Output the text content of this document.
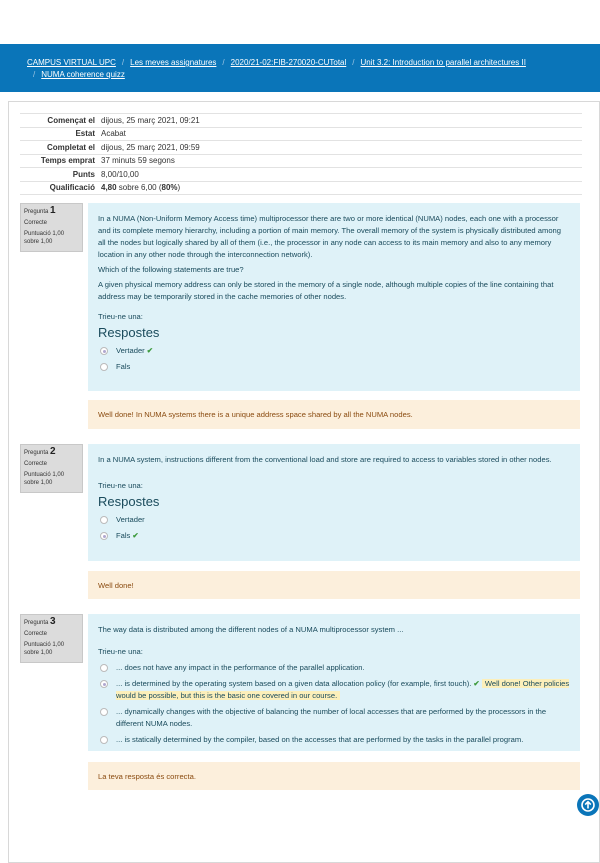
CAMPUS VIRTUAL UPC / Les meves assignatures / 2020/21-02:FIB-270020-CUTotal / Unit 3.2: Introduction to parallel architectures II
/ NUMA coherence quizz
Començat el	dijous, 25 març 2021, 09:21
Estat	Acabat
Completat el	dijous, 25 març 2021, 09:59
Temps emprat	37 minuts 59 segons
Punts	8,00/10,00
Qualificació	4,80 sobre 6,00 (80%)
Pregunta 1
Correcte
Puntuació 1,00 sobre 1,00

In a NUMA (Non-Uniform Memory Access time) multiprocessor there are two or more identical (NUMA) nodes, each one with a processor and its complete memory hierarchy, including a portion of main memory. The overall memory of the system is physically distributed among all the nodes but logically shared by all of them (i.e., the processor in any node can access to its main memory and also to any memory location in any other node through the interconnection network).

Which of the following statements are true?

A given physical memory address can only be stored in the memory of a single node, although multiple copies of the line containing that address may be temporarily stored in the cache memories of other nodes.

Trieu-ne una:
Respostes
Vertader ✔
Fals
Well done! In NUMA systems there is a unique address space shared by all the NUMA nodes.
Pregunta 2
Correcte
Puntuació 1,00 sobre 1,00

In a NUMA system, instructions different from the conventional load and store are required to access to variables stored in other nodes.

Trieu-ne una:
Respostes
Vertader
Fals ✔
Well done!
Pregunta 3
Correcte
Puntuació 1,00 sobre 1,00

The way data is distributed among the different nodes of a NUMA multiprocessor system ...

Trieu-ne una:
... does not have any impact in the performance of the parallel application.
... is determined by the operating system based on a given data allocation policy (for example, first touch). ✔ Well done! Other policies would be possible, but this is the basic one covered in our course.
... dynamically changes with the objective of balancing the number of local accesses that are performed by the processors in the different NUMA nodes.
... is statically determined by the compiler, based on the accesses that are performed by the tasks in the parallel program.
La teva resposta és correcta.
